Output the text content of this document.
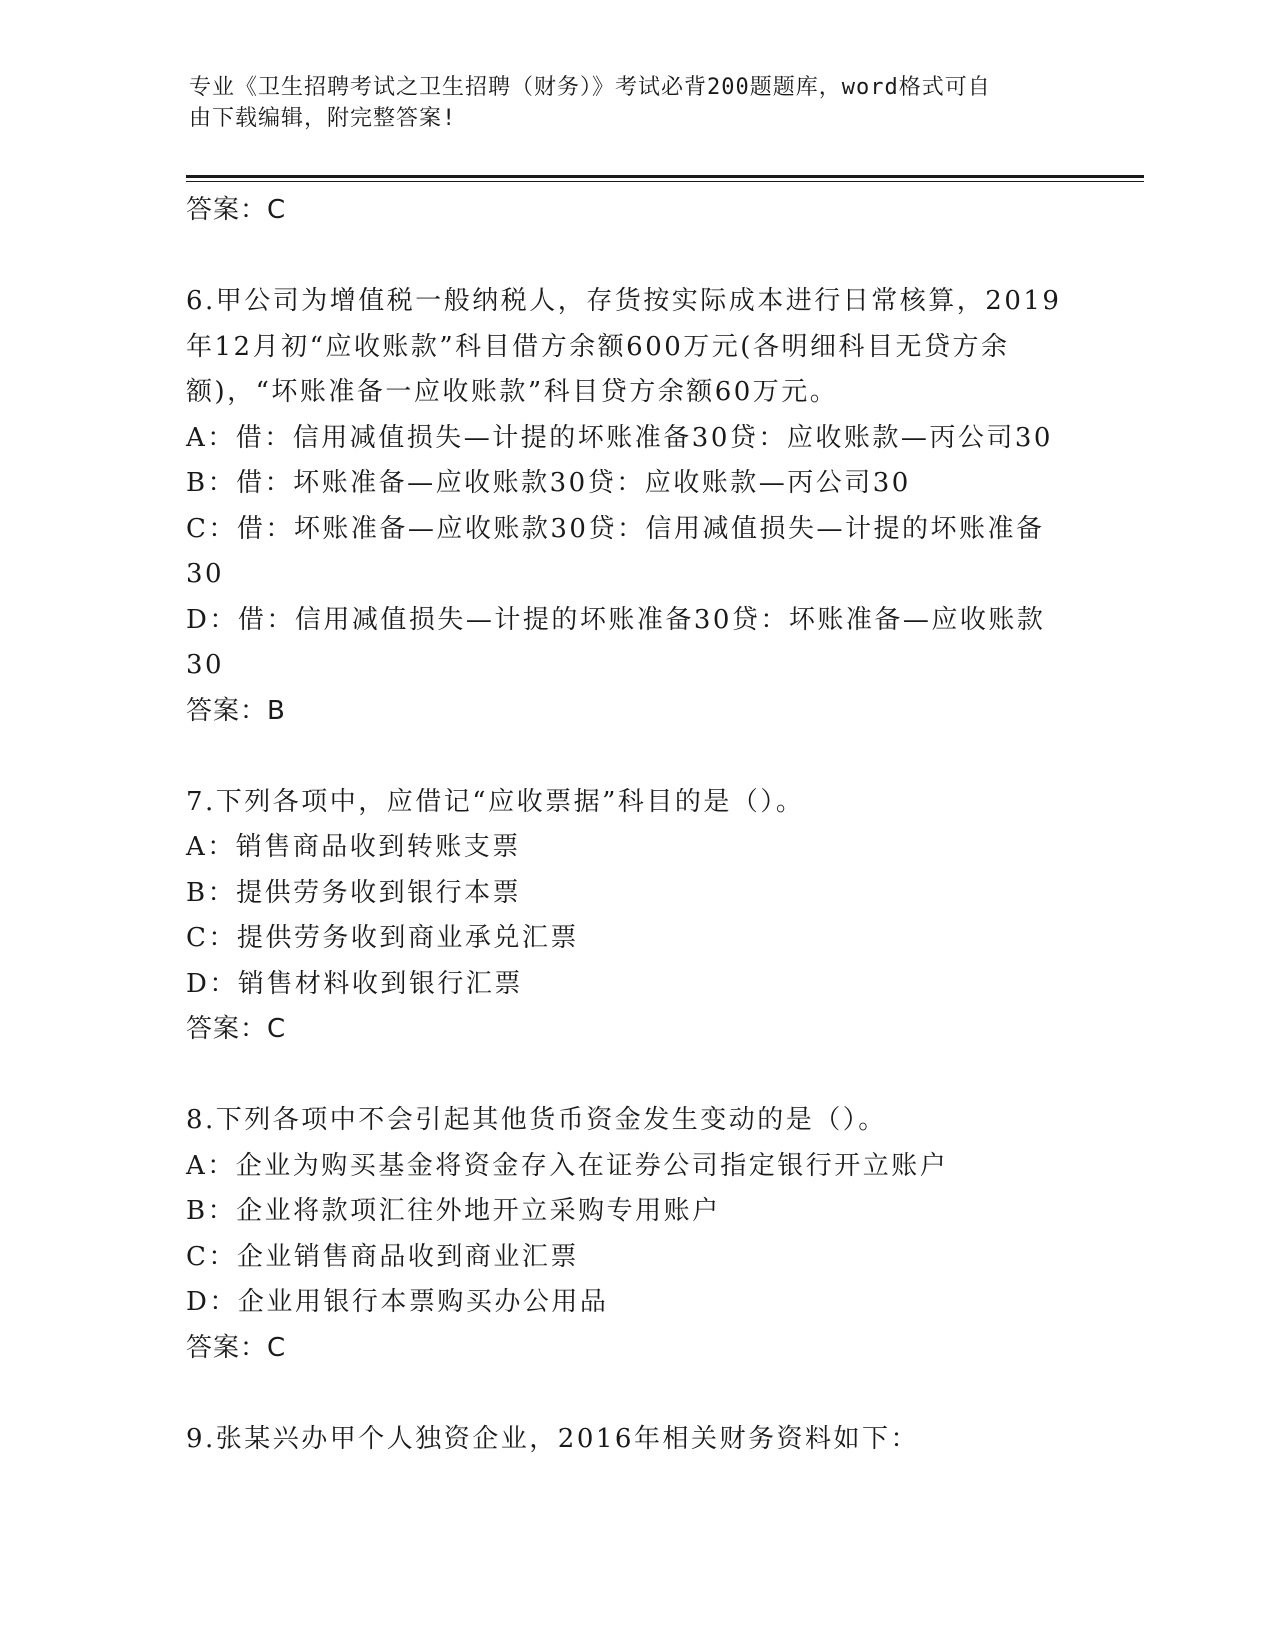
专业《卫生招聘考试之卫生招聘（财务）》考试必背200题题库，word格式可自
由下载编辑，附完整答案!
答案：C
6.甲公司为增值税一般纳税人，存货按实际成本进行日常核算，2019
年12月初“应收账款”科目借方余额600万元(各明细科目无贷方余
额)，“坏账准备一应收账款”科目贷方余额60万元。
A：借：信用减值损失—计提的坏账准备30贷：应收账款—丙公司30
B：借：坏账准备—应收账款30贷：应收账款—丙公司30
C：借：坏账准备—应收账款30贷：信用减值损失—计提的坏账准备
30
D：借：信用减值损失—计提的坏账准备30贷：坏账准备—应收账款
30
答案：B
7.下列各项中，应借记“应收票据”科目的是（）。
A：销售商品收到转账支票
B：提供劳务收到银行本票
C：提供劳务收到商业承兑汇票
D：销售材料收到银行汇票
答案：C
8.下列各项中不会引起其他货币资金发生变动的是（）。
A：企业为购买基金将资金存入在证券公司指定银行开立账户
B：企业将款项汇往外地开立采购专用账户
C：企业销售商品收到商业汇票
D：企业用银行本票购买办公用品
答案：C
9.张某兴办甲个人独资企业，2016年相关财务资料如下：
